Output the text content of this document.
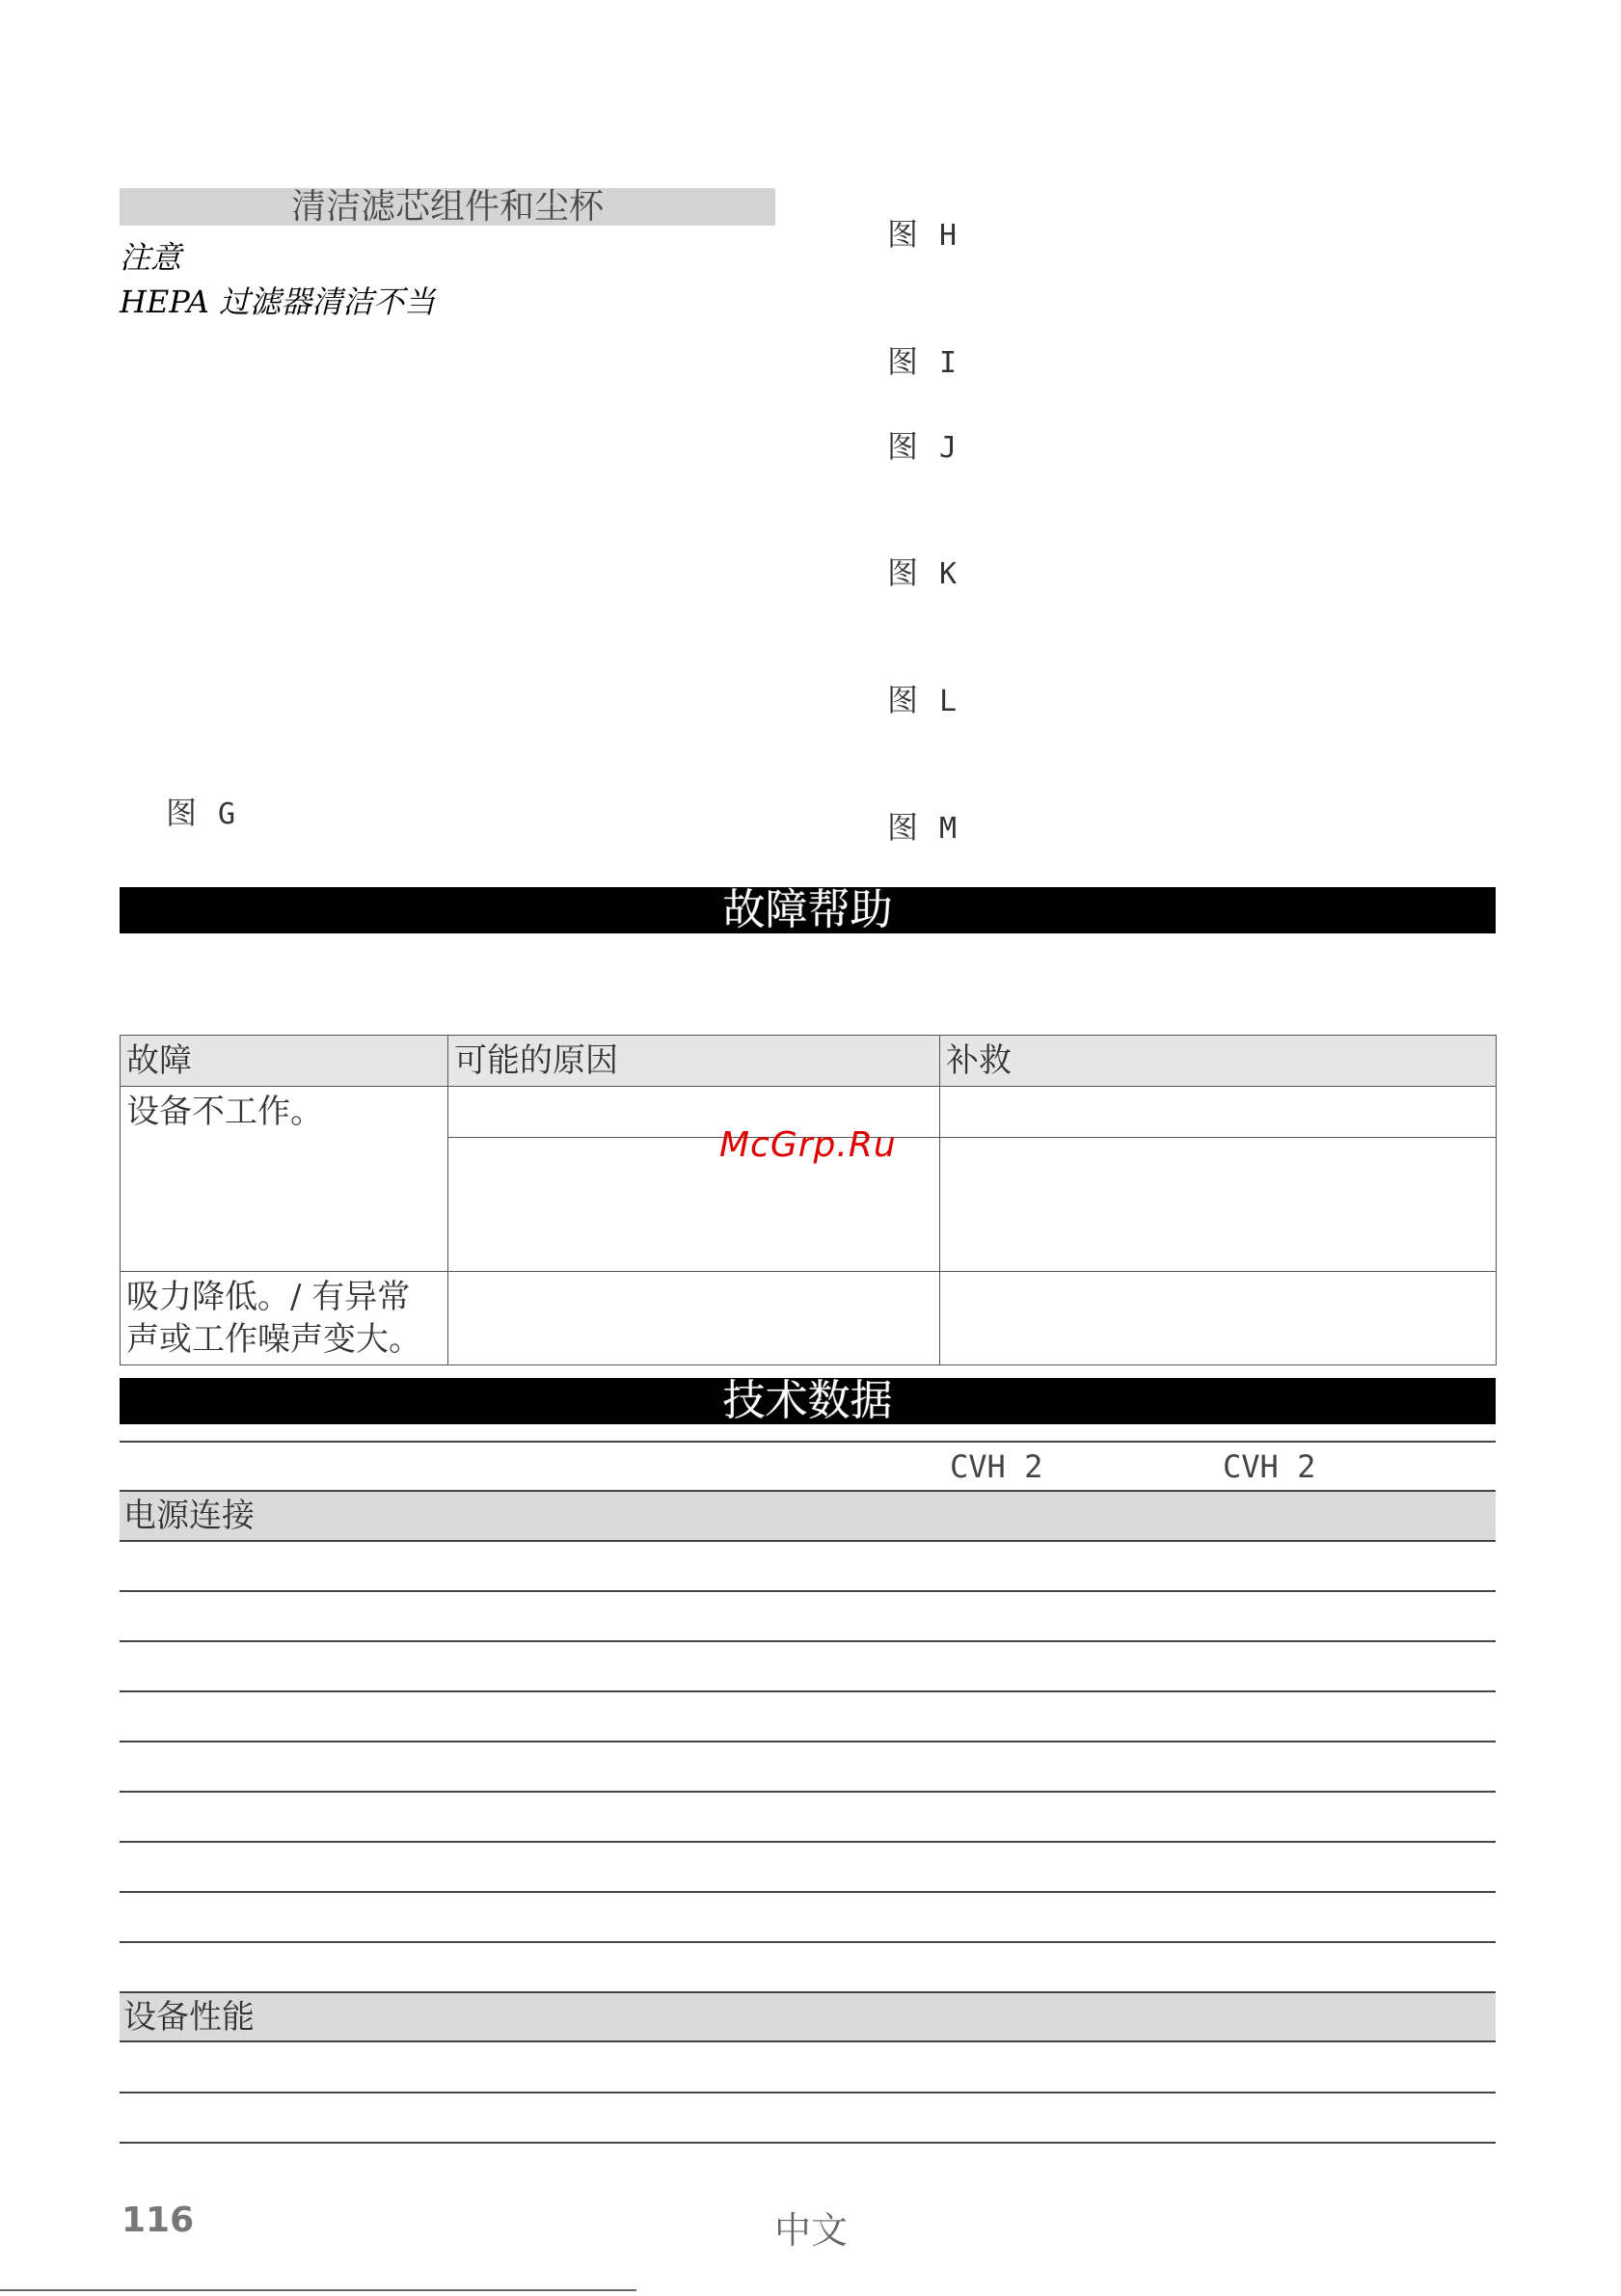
清洁滤芯组件和尘杯
注意
HEPA 过滤器清洁不当
图 G
图 H
图 I
图 J
图 K
图 L
图 M
故障帮助
故障	可能的原因	补救
设备不工作。		

吸力降低。/ 有异常声或工作噪声变大。		
McGrp.Ru
技术数据
CVH 2	CVH 2
电源连接
设备性能
116	中文
